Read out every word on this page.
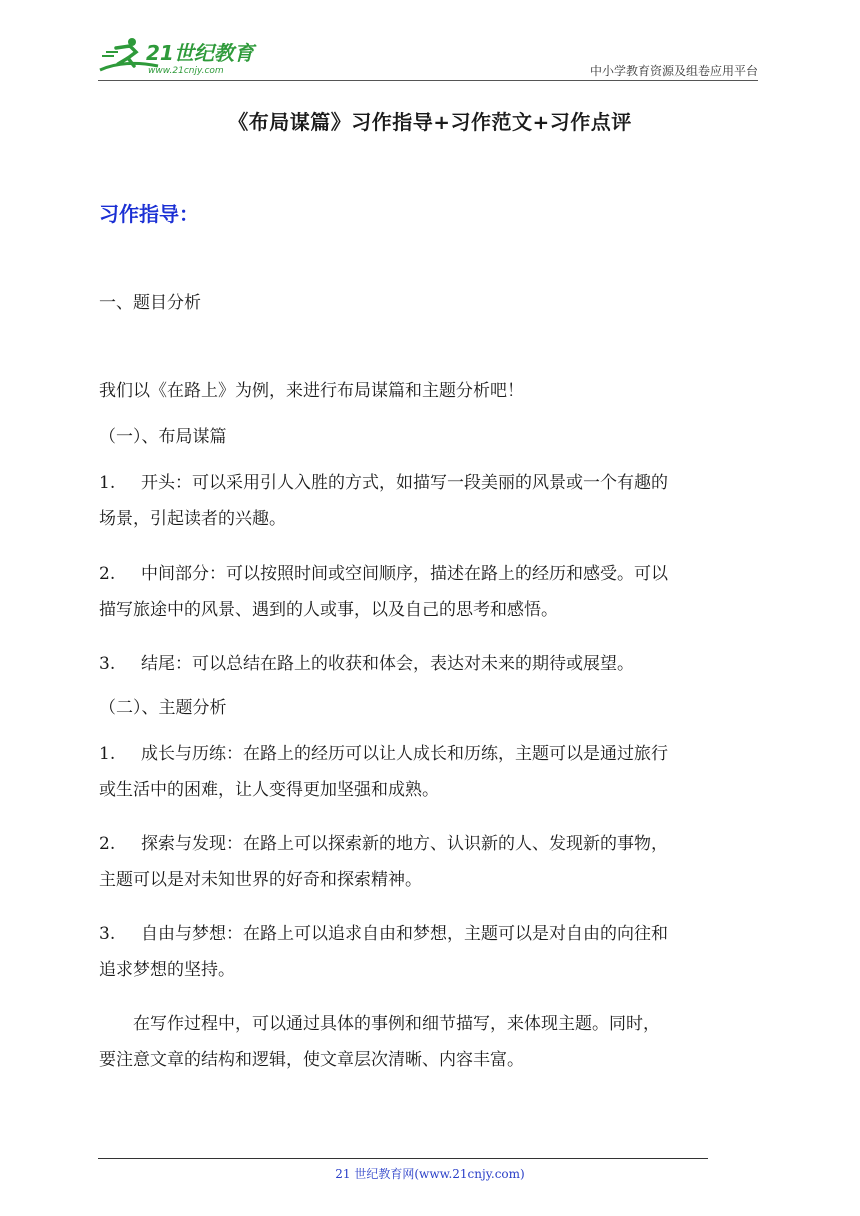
21世纪教育
www.21cnjy.com	中小学教育资源及组卷应用平台
《布局谋篇》习作指导+习作范文+习作点评
习作指导：

一、题目分析

我们以《在路上》为例，来进行布局谋篇和主题分析吧！

（一）、布局谋篇

1. 开头：可以采用引人入胜的方式，如描写一段美丽的风景或一个有趣的
场景，引起读者的兴趣。
2. 中间部分：可以按照时间或空间顺序，描述在路上的经历和感受。可以
描写旅途中的风景、遇到的人或事，以及自己的思考和感悟。
3. 结尾：可以总结在路上的收获和体会，表达对未来的期待或展望。

（二）、主题分析

1. 成长与历练：在路上的经历可以让人成长和历练，主题可以是通过旅行
或生活中的困难，让人变得更加坚强和成熟。
2. 探索与发现：在路上可以探索新的地方、认识新的人、发现新的事物，
主题可以是对未知世界的好奇和探索精神。
3. 自由与梦想：在路上可以追求自由和梦想，主题可以是对自由的向往和
追求梦想的坚持。
在写作过程中，可以通过具体的事例和细节描写，来体现主题。同时，
要注意文章的结构和逻辑，使文章层次清晰、内容丰富。
21 世纪教育网(www.21cnjy.com)
